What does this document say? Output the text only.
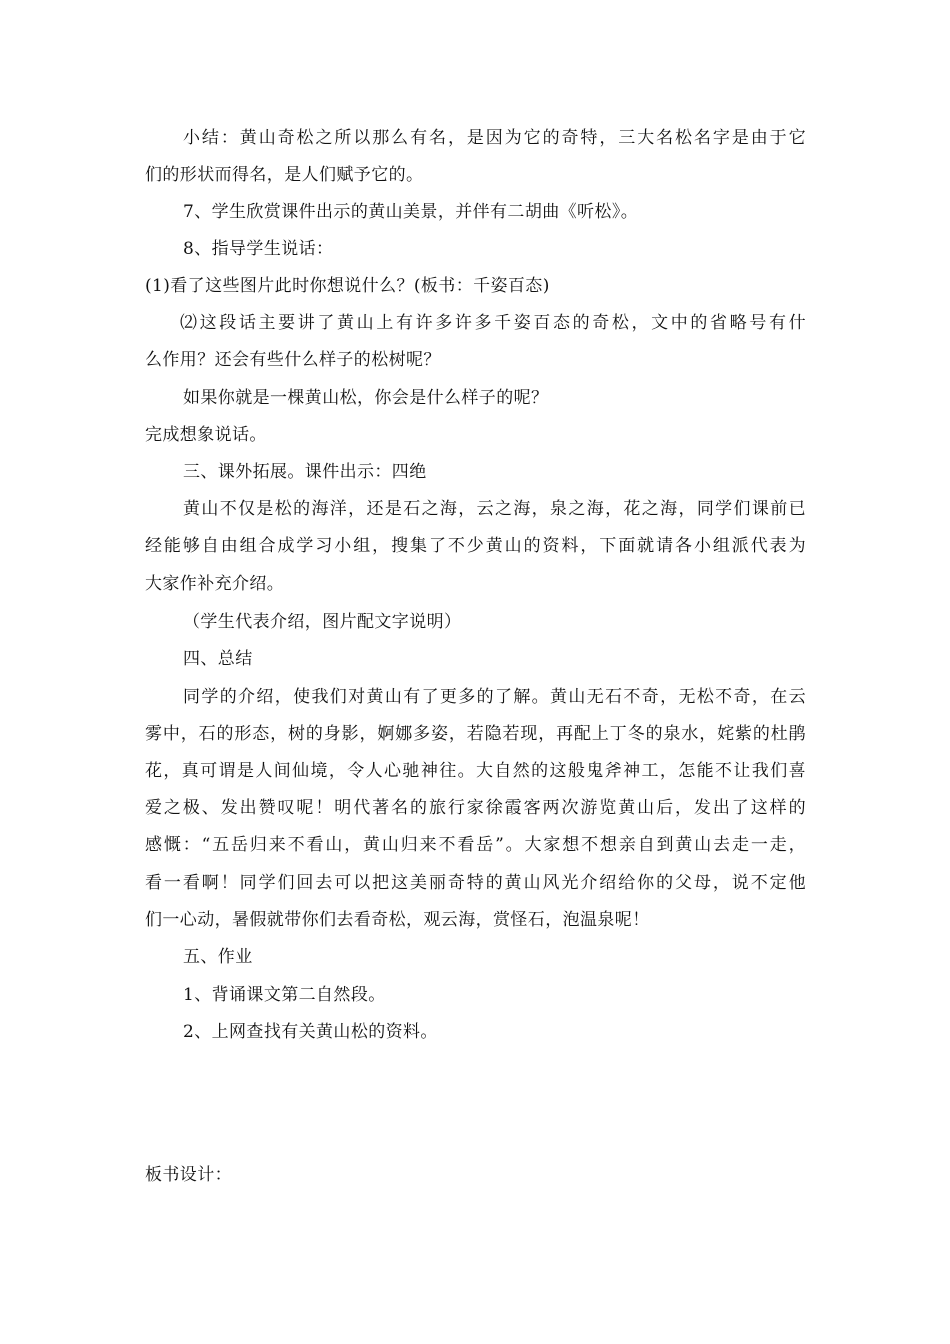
小结：黄山奇松之所以那么有名，是因为它的奇特，三大名松名字是由于它
们的形状而得名，是人们赋予它的。
7、学生欣赏课件出示的黄山美景，并伴有二胡曲《听松》。
8、指导学生说话：
(1)看了这些图片此时你想说什么？(板书：千姿百态)
⑵这段话主要讲了黄山上有许多许多千姿百态的奇松，文中的省略号有什
么作用？还会有些什么样子的松树呢？
如果你就是一棵黄山松，你会是什么样子的呢？
完成想象说话。
三、课外拓展。课件出示：四绝
黄山不仅是松的海洋，还是石之海，云之海，泉之海，花之海，同学们课前已
经能够自由组合成学习小组，搜集了不少黄山的资料，下面就请各小组派代表为
大家作补充介绍。
（学生代表介绍，图片配文字说明）
四、总结
同学的介绍，使我们对黄山有了更多的了解。黄山无石不奇，无松不奇，在云
雾中，石的形态，树的身影，婀娜多姿，若隐若现，再配上丁冬的泉水，姹紫的杜鹃
花，真可谓是人间仙境，令人心驰神往。大自然的这般鬼斧神工，怎能不让我们喜
爱之极、发出赞叹呢！明代著名的旅行家徐霞客两次游览黄山后，发出了这样的
感慨：“五岳归来不看山，黄山归来不看岳”。大家想不想亲自到黄山去走一走，
看一看啊！同学们回去可以把这美丽奇特的黄山风光介绍给你的父母，说不定他
们一心动，暑假就带你们去看奇松，观云海，赏怪石，泡温泉呢！
五、作业
1、背诵课文第二自然段。
2、上网查找有关黄山松的资料。
板书设计：
